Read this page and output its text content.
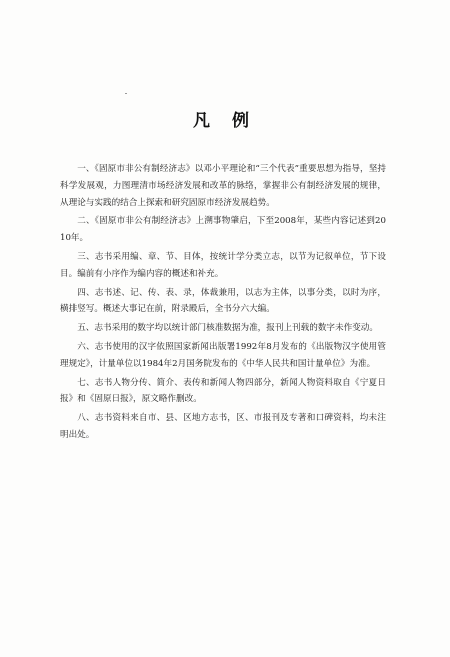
凡 例

一、《固原市非公有制经济志》以邓小平理论和“三个代表”重要思想为指导，坚持科学发展观，力图理清市场经济发展和改革的脉络，掌握非公有制经济发展的规律，从理论与实践的结合上探索和研究固原市经济发展趋势。

二、《固原市非公有制经济志》上溯事物肇启，下至2008年，某些内容记述到2010年。

三、志书采用编、章、节、目体，按统计学分类立志，以节为记叙单位，节下设目。编前有小序作为编内容的概述和补充。

四、志书述、记、传、表、录，体裁兼用，以志为主体，以事分类，以时为序，横排竖写。概述大事记在前，附录殿后，全书分六大编。

五、志书采用的数字均以统计部门核准数据为准，报刊上刊载的数字未作变动。

六、志书使用的汉字依照国家新闻出版署1992年8月发布的《出版物汉字使用管理规定》，计量单位以1984年2月国务院发布的《中华人民共和国计量单位》为准。

七、志书人物分传、简介、表传和新闻人物四部分，新闻人物资料取自《宁夏日报》和《固原日报》，原文略作删改。

八、志书资料来自市、县、区地方志书，区、市报刊及专著和口碑资料，均未注明出处。
